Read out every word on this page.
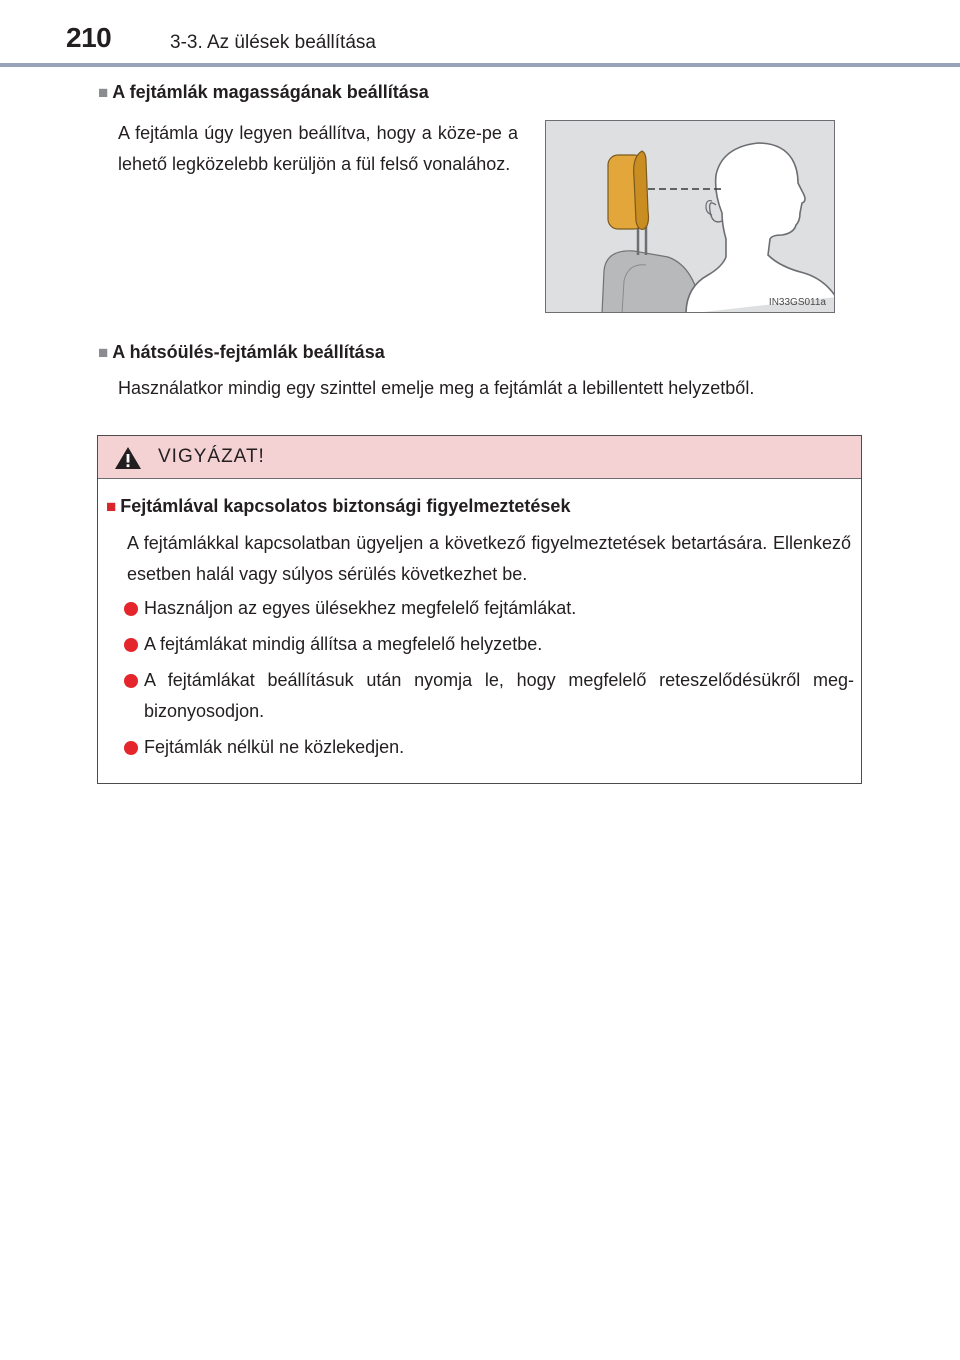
210	3-3. Az ülések beállítása
■ A fejtámlák magasságának beállítása
A fejtámla úgy legyen beállítva, hogy a köze-pe a lehető legközelebb kerüljön a fül felső vonalához.
IN33GS011a
■ A hátsóülés-fejtámlák beállítása
Használatkor mindig egy szinttel emelje meg a fejtámlát a lebillentett helyzetből.
VIGYÁZAT!
■ Fejtámlával kapcsolatos biztonsági figyelmeztetések
A fejtámlákkal kapcsolatban ügyeljen a következő figyelmeztetések betartására. Ellenkező esetben halál vagy súlyos sérülés következhet be.
Használjon az egyes ülésekhez megfelelő fejtámlákat.
A fejtámlákat mindig állítsa a megfelelő helyzetbe.
A fejtámlákat beállításuk után nyomja le, hogy megfelelő reteszelődésükről meg-bizonyosodjon.
Fejtámlák nélkül ne közlekedjen.
